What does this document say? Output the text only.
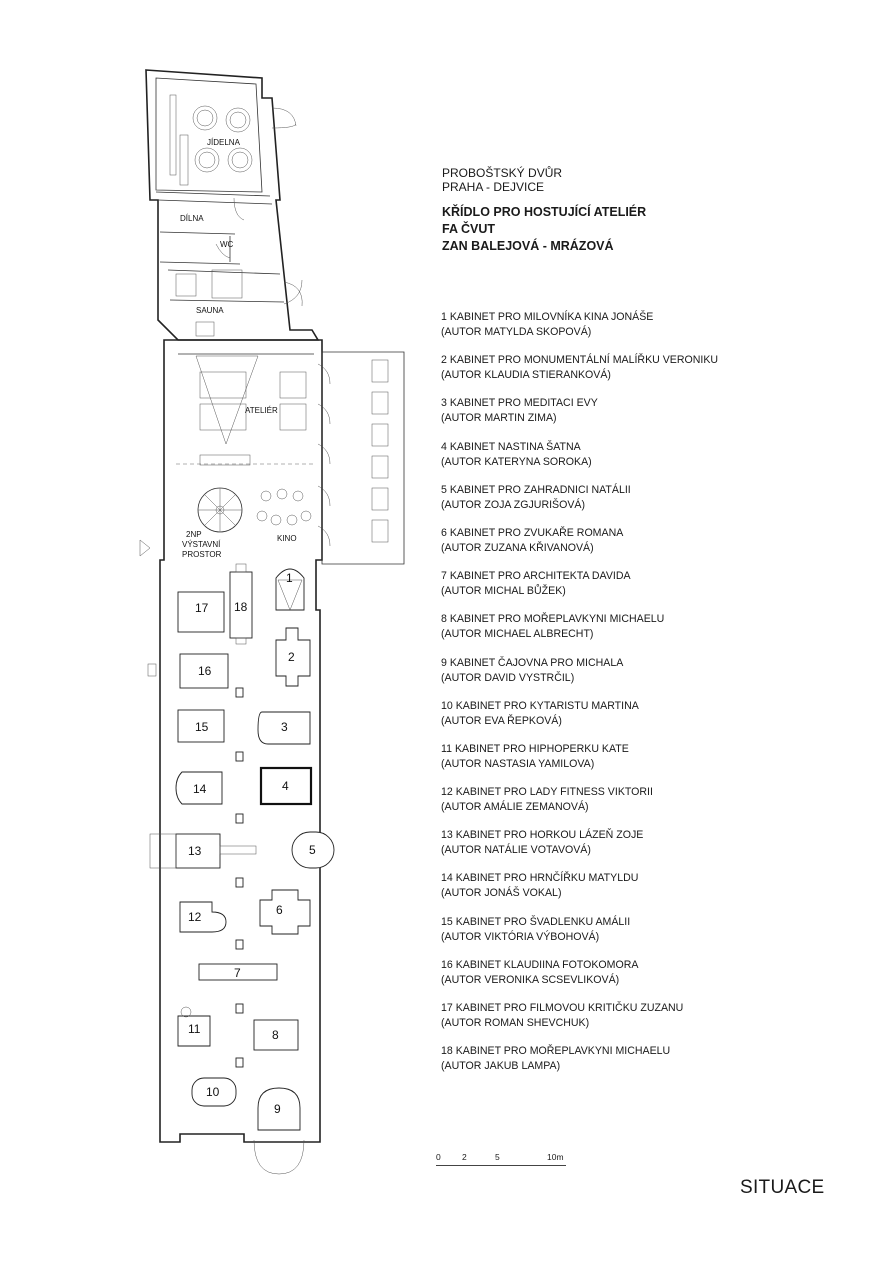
JÍDELNA
DÍLNA
WC
SAUNA
ATELIÉR
2NP
VÝSTAVNÍ
PROSTOR
KINO
1
2
3
4
5
6
7
8
9
10
11
12
13
14
15
16
17 18

PROBOŠTSKÝ DVŮR

PRAHA - DEJVICE

KŘÍDLO PRO HOSTUJÍCÍ ATELIÉR

FA ČVUT

ZAN BALEJOVÁ - MRÁZOVÁ

1 KABINET PRO MILOVNÍKA KINA JONÁŠE
(AUTOR MATYLDA SKOPOVÁ)
2 KABINET PRO MONUMENTÁLNÍ MALÍŘKU VERONIKU
(AUTOR KLAUDIA STIERANKOVÁ)
3 KABINET PRO MEDITACI EVY
(AUTOR MARTIN ZIMA)
4 KABINET NASTINA ŠATNA
(AUTOR KATERYNA SOROKA)
5 KABINET PRO ZAHRADNICI NATÁLII
(AUTOR ZOJA ZGJURIŠOVÁ)
6 KABINET PRO ZVUKAŘE ROMANA
(AUTOR ZUZANA KŘIVANOVÁ)
7 KABINET PRO ARCHITEKTA DAVIDA
(AUTOR MICHAL BŮŽEK)
8 KABINET PRO MOŘEPLAVKYNI MICHAELU
(AUTOR MICHAEL ALBRECHT)
9 KABINET ČAJOVNA PRO MICHALA
(AUTOR DAVID VYSTRČIL)
10 KABINET PRO KYTARISTU MARTINA
(AUTOR EVA ŘEPKOVÁ)
11 KABINET PRO HIPHOPERKU KATE
(AUTOR NASTASIA YAMILOVA)
12 KABINET PRO LADY FITNESS VIKTORII
(AUTOR AMÁLIE ZEMANOVÁ)
13 KABINET PRO HORKOU LÁZEŇ ZOJE
(AUTOR NATÁLIE VOTAVOVÁ)
14 KABINET PRO HRNČÍŘKU MATYLDU
(AUTOR JONÁŠ VOKAL)
15 KABINET PRO ŠVADLENKU AMÁLII
(AUTOR VIKTÓRIA VÝBOHOVÁ)
16 KABINET KLAUDIINA FOTOKOMORA
(AUTOR VERONIKA SCSEVLIKOVÁ)
17 KABINET PRO FILMOVOU KRITIČKU ZUZANU
(AUTOR ROMAN SHEVCHUK)
18 KABINET PRO MOŘEPLAVKYNI MICHAELU
(AUTOR JAKUB LAMPA)
0	2	5	10m
SITUACE
